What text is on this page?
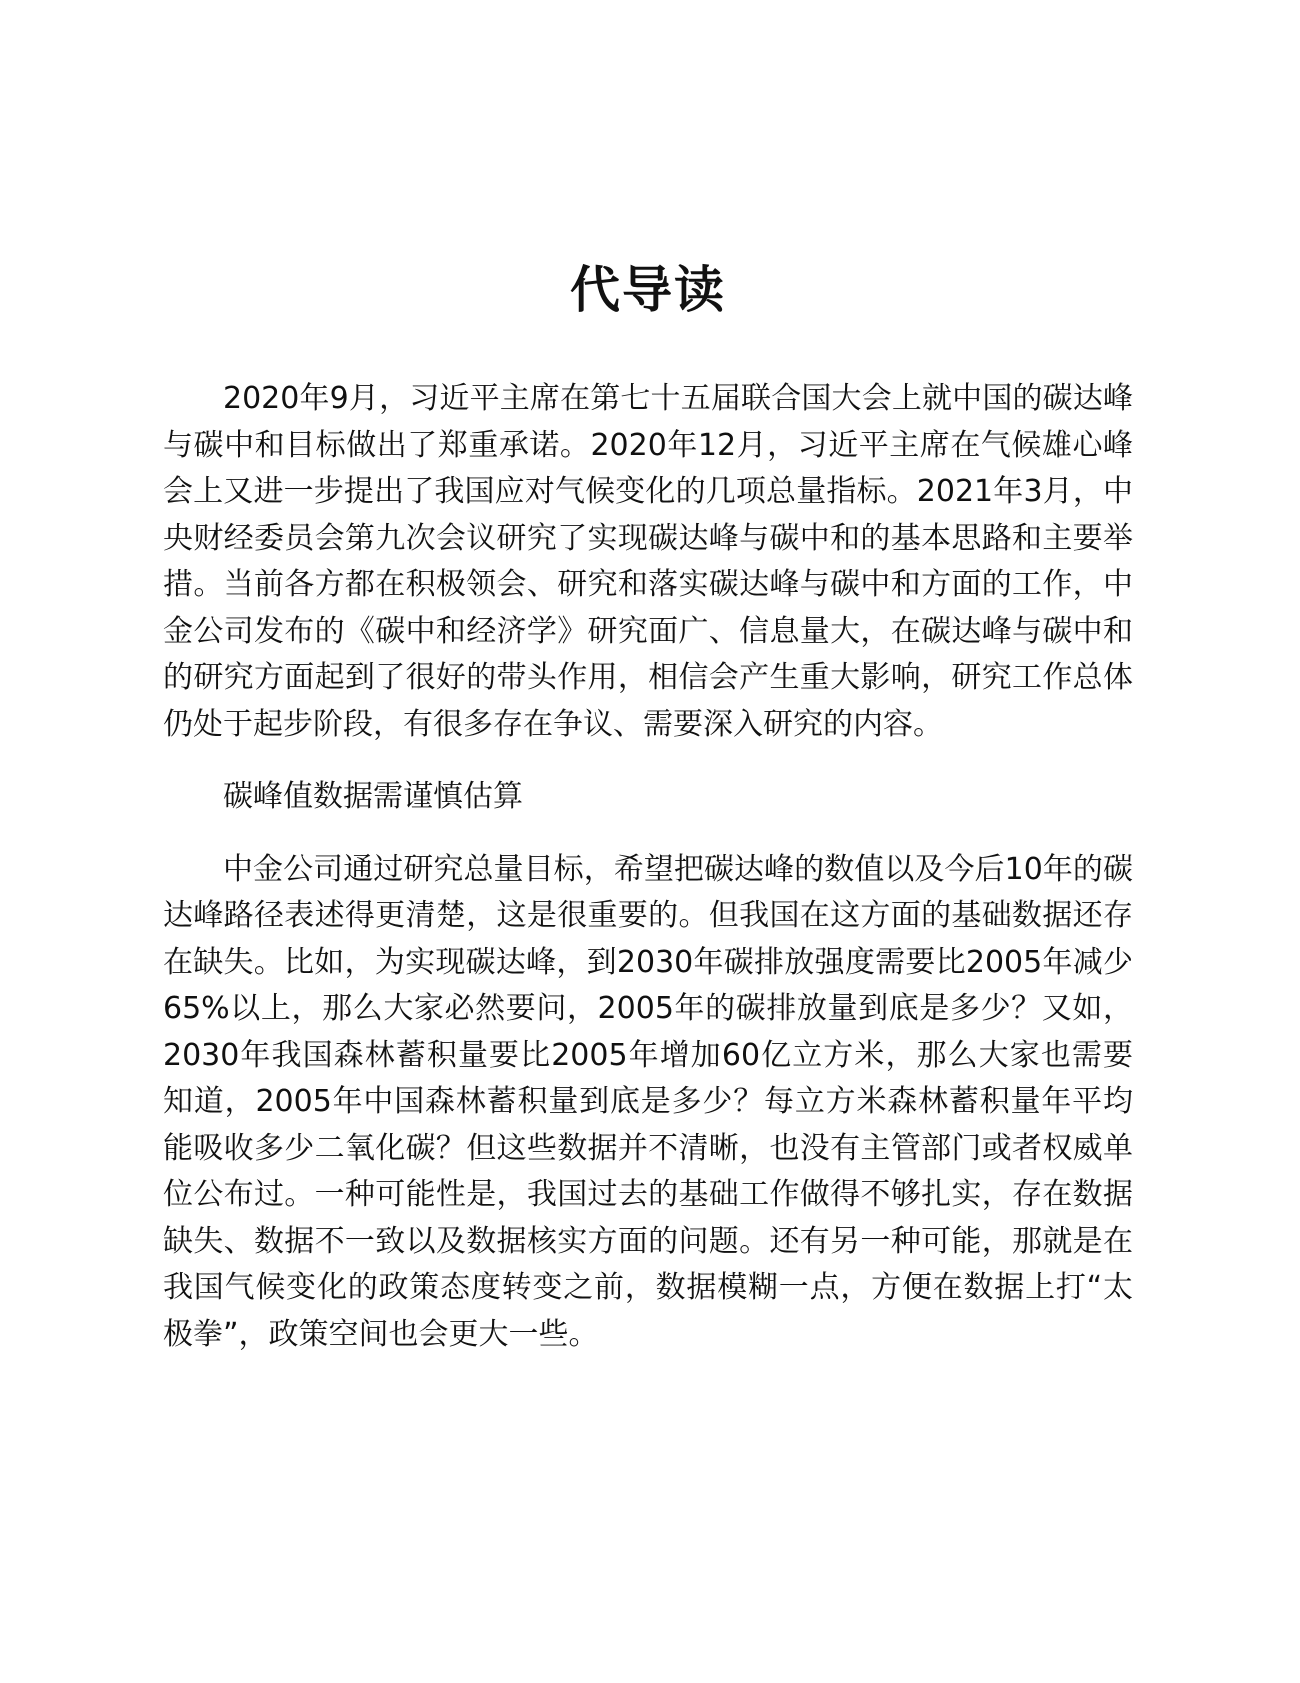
代导读

2020年9月，习近平主席在第七十五届联合国大会上就中国的碳达峰与碳中和目标做出了郑重承诺。2020年12月，习近平主席在气候雄心峰会上又进一步提出了我国应对气候变化的几项总量指标。2021年3月，中央财经委员会第九次会议研究了实现碳达峰与碳中和的基本思路和主要举措。当前各方都在积极领会、研究和落实碳达峰与碳中和方面的工作，中金公司发布的《碳中和经济学》研究面广、信息量大，在碳达峰与碳中和的研究方面起到了很好的带头作用，相信会产生重大影响，研究工作总体仍处于起步阶段，有很多存在争议、需要深入研究的内容。

碳峰值数据需谨慎估算

中金公司通过研究总量目标，希望把碳达峰的数值以及今后10年的碳达峰路径表述得更清楚，这是很重要的。但我国在这方面的基础数据还存在缺失。比如，为实现碳达峰，到2030年碳排放强度需要比2005年减少65%以上，那么大家必然要问，2005年的碳排放量到底是多少？又如，2030年我国森林蓄积量要比2005年增加60亿立方米，那么大家也需要知道，2005年中国森林蓄积量到底是多少？每立方米森林蓄积量年平均能吸收多少二氧化碳？但这些数据并不清晰，也没有主管部门或者权威单位公布过。一种可能性是，我国过去的基础工作做得不够扎实，存在数据缺失、数据不一致以及数据核实方面的问题。还有另一种可能，那就是在我国气候变化的政策态度转变之前，数据模糊一点，方便在数据上打“太极拳”，政策空间也会更大一些。
